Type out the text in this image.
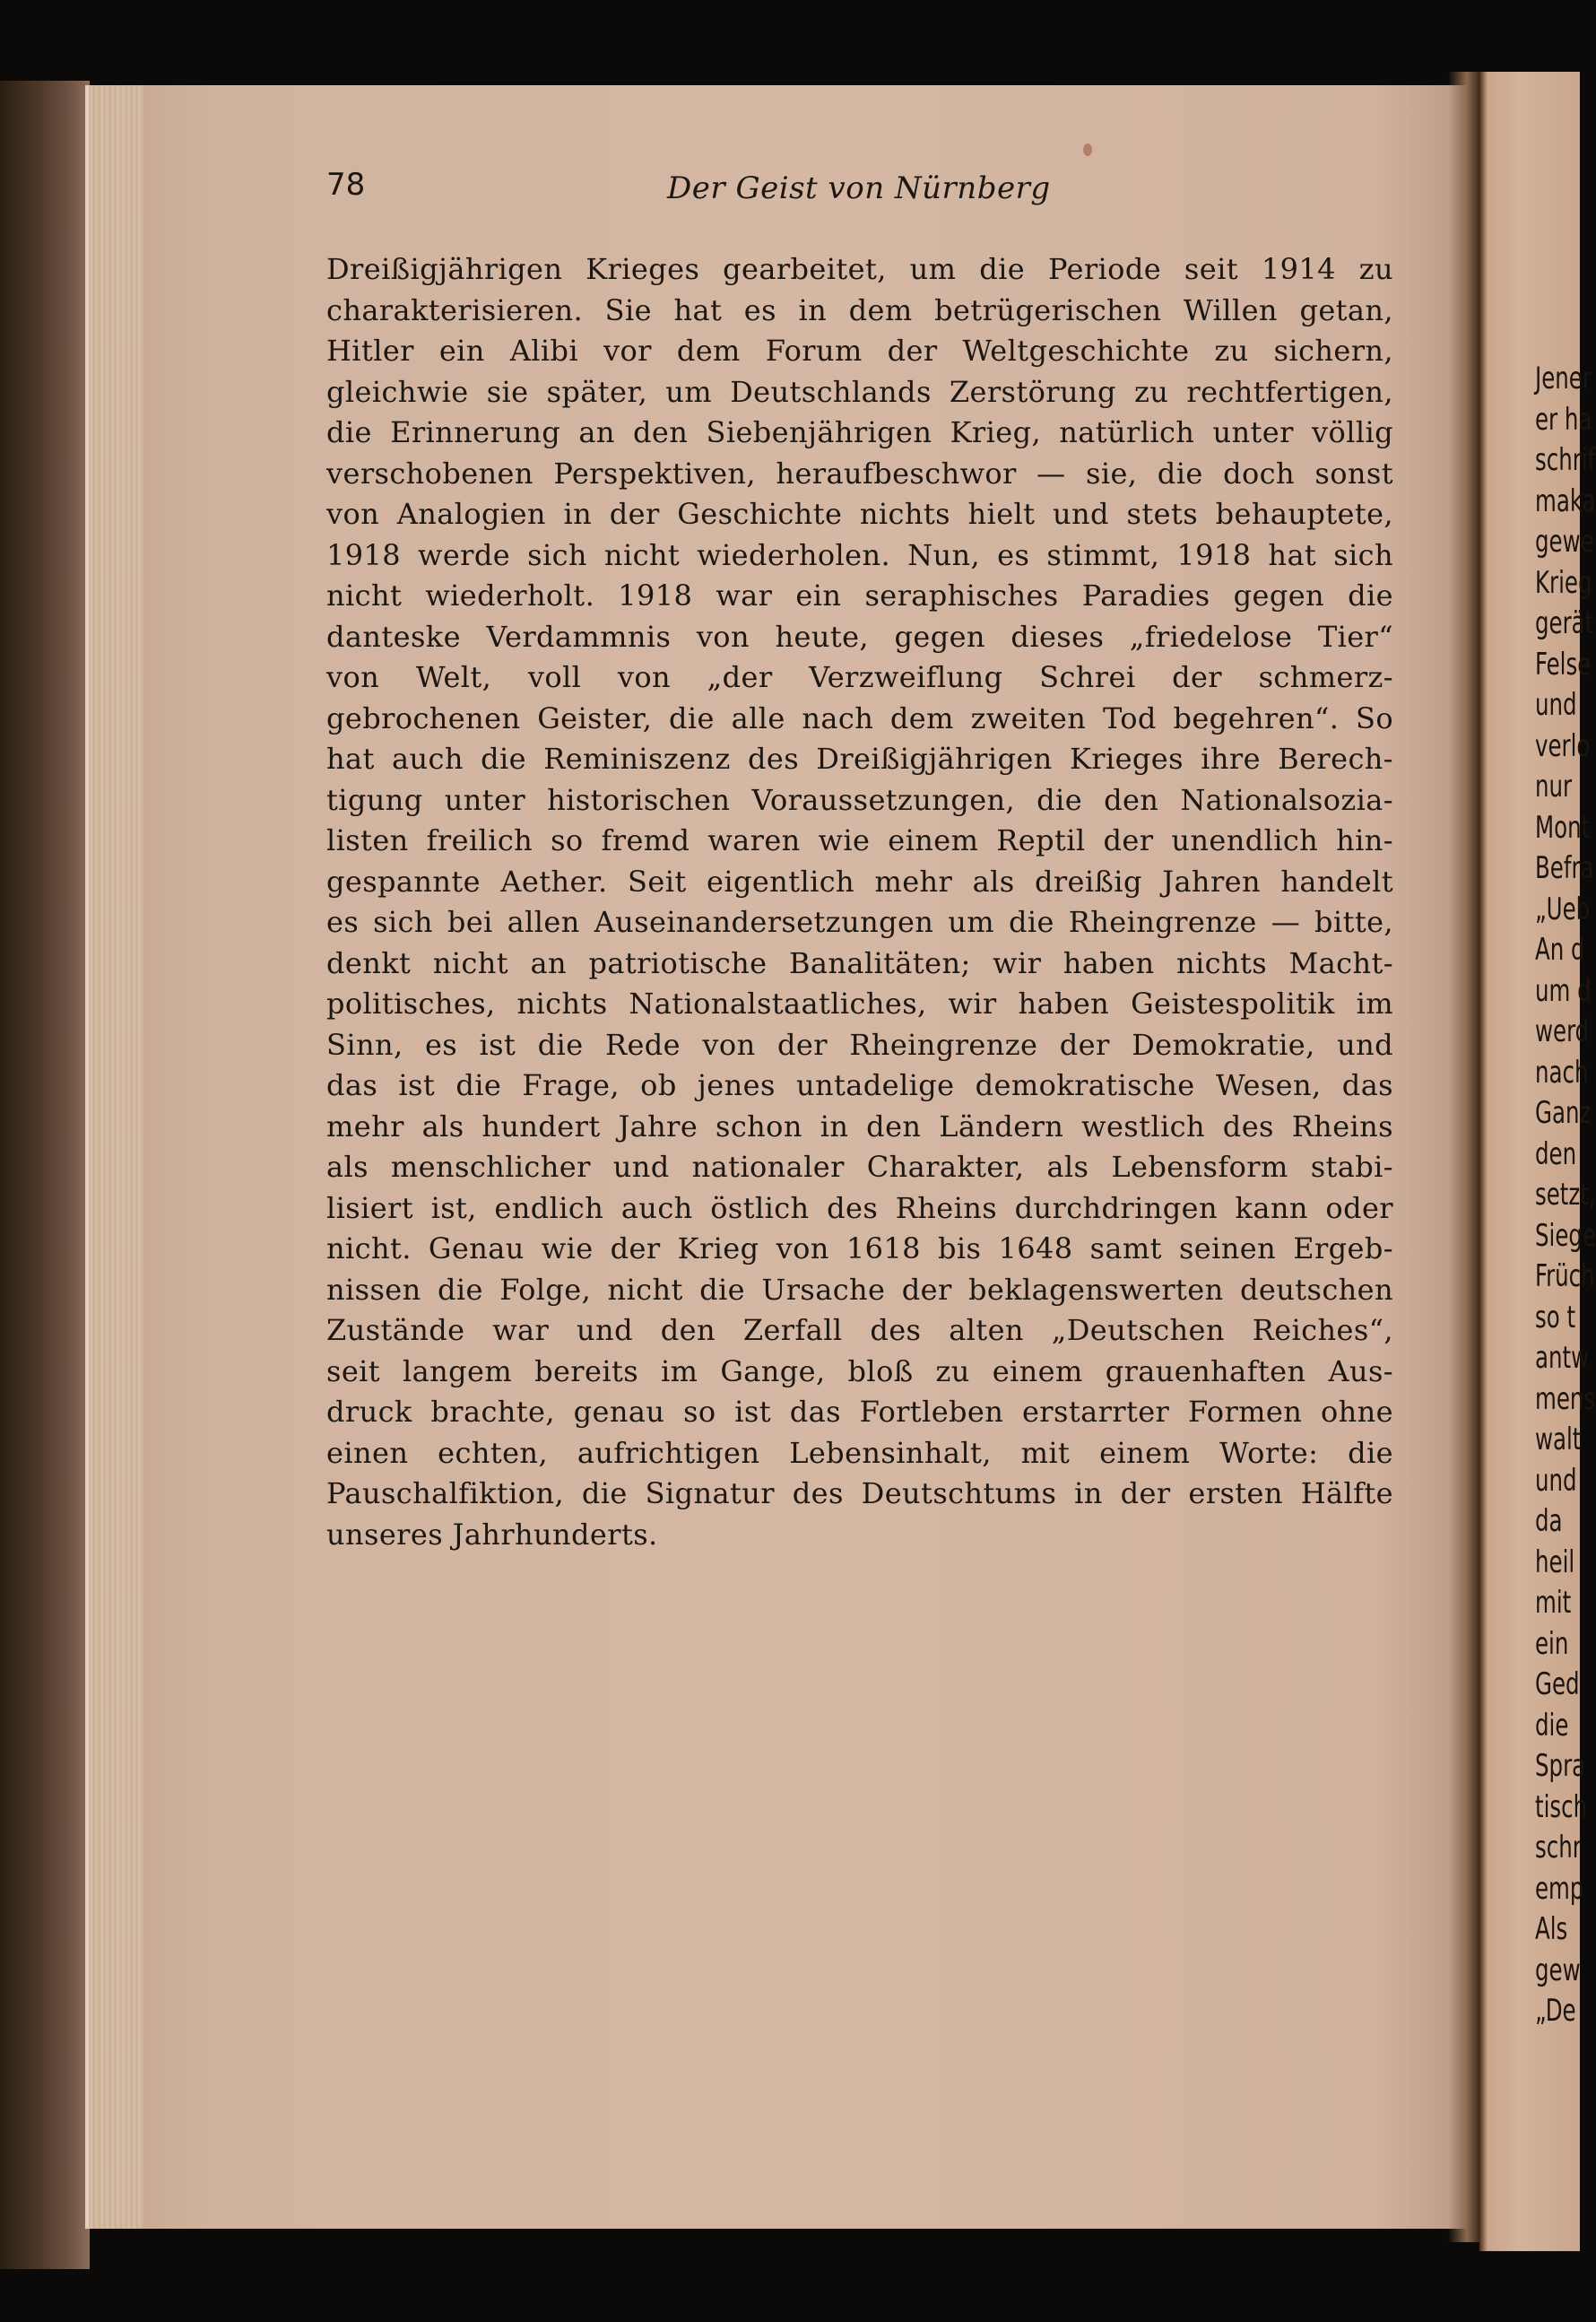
Jener
er ha
schrif
maka
gewe
Krieg
gerät
Felse
und
verlo
nur
Mont
Befra
„Ueb
An d
um d
werd
nach
Ganz
den
setzt,
Siege
Früch
so t
antw
mens
walt
und
da
heil
mit
ein
Ged
die
Spra
tisch
schr
emp
Als
gew
„De
78	Der Geist von Nürnberg
Dreißigjährigen Krieges gearbeitet, um die Periode seit 1914 zu
charakterisieren. Sie hat es in dem betrügerischen Willen getan,
Hitler ein Alibi vor dem Forum der Weltgeschichte zu sichern,
gleichwie sie später, um Deutschlands Zerstörung zu rechtfertigen,
die Erinnerung an den Siebenjährigen Krieg, natürlich unter völlig
verschobenen Perspektiven, heraufbeschwor — sie, die doch sonst
von Analogien in der Geschichte nichts hielt und stets behauptete,
1918 werde sich nicht wiederholen. Nun, es stimmt, 1918 hat sich
nicht wiederholt. 1918 war ein seraphisches Paradies gegen die
danteske Verdammnis von heute, gegen dieses „friedelose Tier“
von Welt, voll von „der Verzweiflung Schrei der schmerz-
gebrochenen Geister, die alle nach dem zweiten Tod begehren“. So
hat auch die Reminiszenz des Dreißigjährigen Krieges ihre Berech-
tigung unter historischen Voraussetzungen, die den Nationalsozia-
listen freilich so fremd waren wie einem Reptil der unendlich hin-
gespannte Aether. Seit eigentlich mehr als dreißig Jahren handelt
es sich bei allen Auseinandersetzungen um die Rheingrenze — bitte,
denkt nicht an patriotische Banalitäten; wir haben nichts Macht-
politisches, nichts Nationalstaatliches, wir haben Geistespolitik im
Sinn, es ist die Rede von der Rheingrenze der Demokratie, und
das ist die Frage, ob jenes untadelige demokratische Wesen, das
mehr als hundert Jahre schon in den Ländern westlich des Rheins
als menschlicher und nationaler Charakter, als Lebensform stabi-
lisiert ist, endlich auch östlich des Rheins durchdringen kann oder
nicht. Genau wie der Krieg von 1618 bis 1648 samt seinen Ergeb-
nissen die Folge, nicht die Ursache der beklagenswerten deutschen
Zustände war und den Zerfall des alten „Deutschen Reiches“,
seit langem bereits im Gange, bloß zu einem grauenhaften Aus-
druck brachte, genau so ist das Fortleben erstarrter Formen ohne
einen echten, aufrichtigen Lebensinhalt, mit einem Worte: die
Pauschalfiktion, die Signatur des Deutschtums in der ersten Hälfte
unseres Jahrhunderts.
